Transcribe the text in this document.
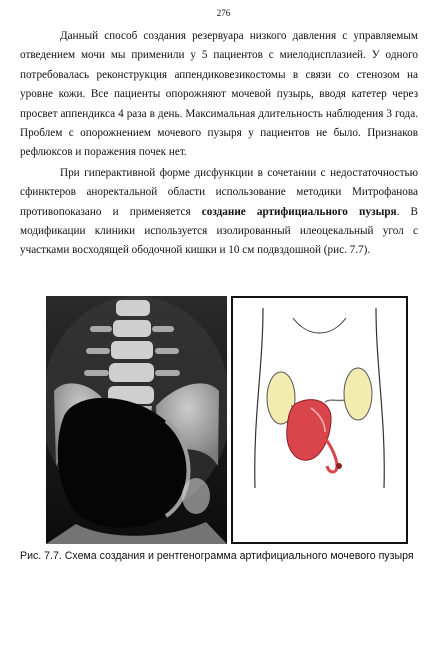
276

Данный способ создания резервуара низкого давления с управляемым отведением мочи мы применили у 5 пациентов с миелодисплазией. У одного потребовалась реконструкция аппендиковезикостомы в связи со стенозом на уровне кожи. Все пациенты опорожняют мочевой пузырь, вводя катетер через просвет аппендикса 4 раза в день. Максимальная длительность наблюдения 3 года. Проблем с опорожнением мочевого пузыря у пациентов не было. Признаков рефлюксов и поражения почек нет.

При гиперактивной форме дисфункции в сочетании с недостаточностью сфинктеров аноректальной области использование методики Митрофанова противопоказано и применяется создание артифициального пузыря. В модификации клиники используется изолированный илеоцекальный угол с участками восходящей ободочной кишки и 10 см подвздошной (рис. 7.7).

Рис. 7.7. Схема создания и рентгенограмма артифициального мочевого пузыря
